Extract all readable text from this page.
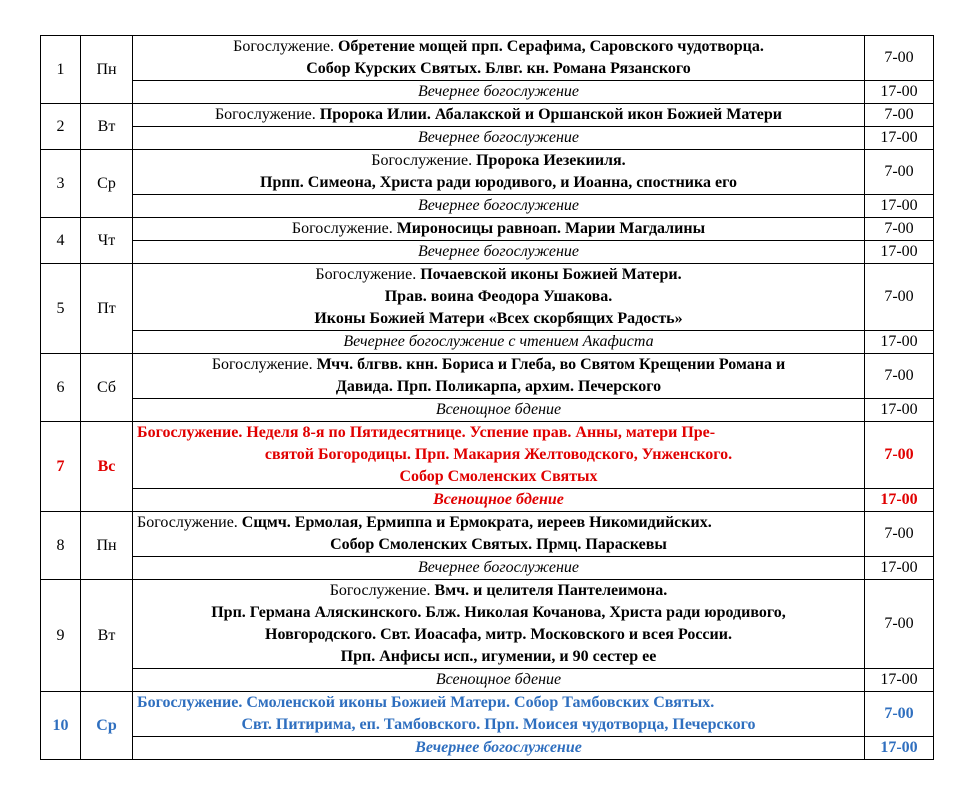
1	Пн	Богослужение. Обретение мощей прп. Серафима, Саровского чудотворца.
Собор Курских Святых. Блвг. кн. Романа Рязанского	7-00
		Вечернее богослужение	17-00
2	Вт	Богослужение. Пророка Илии. Абалакской и Оршанской икон Божией Матери	7-00
		Вечернее богослужение	17-00
3	Ср	Богослужение. Пророка Иезекииля.
Прпп. Симеона, Христа ради юродивого, и Иоанна, спостника его	7-00
		Вечернее богослужение	17-00
4	Чт	Богослужение. Мироносицы равноап. Марии Магдалины	7-00
		Вечернее богослужение	17-00
5	Пт	Богослужение. Почаевской иконы Божией Матери.
Прав. воина Феодора Ушакова.
Иконы Божией Матери «Всех скорбящих Радость»	7-00
		Вечернее богослужение с чтением Акафиста	17-00
6	Сб	Богослужение. Мчч. блгвв. кнн. Бориса и Глеба, во Святом Крещении Романа и
Давида. Прп. Поликарпа, архим. Печерского	7-00
		Всенощное бдение	17-00
7	Вс	Богослужение. Неделя 8-я по Пятидесятнице. Успение прав. Анны, матери Пре-
святой Богородицы. Прп. Макария Желтоводского, Унженского.
Собор Смоленских Святых	7-00
		Всенощное бдение	17-00
8	Пн	Богослужение. Сщмч. Ермолая, Ермиппа и Ермократа, иереев Никомидийских.
Собор Смоленских Святых. Прмц. Параскевы	7-00
		Вечернее богослужение	17-00
9	Вт	Богослужение. Вмч. и целителя Пантелеимона.
Прп. Германа Аляскинского. Блж. Николая Кочанова, Христа ради юродивого,
Новгородского. Свт. Иоасафа, митр. Московского и всея России.
Прп. Анфисы исп., игумении, и 90 сестер ее	7-00
		Всенощное бдение	17-00
10	Ср	Богослужение. Смоленской иконы Божией Матери. Собор Тамбовских Святых.
Свт. Питирима, еп. Тамбовского. Прп. Моисея чудотворца, Печерского	7-00
		Вечернее богослужение	17-00
